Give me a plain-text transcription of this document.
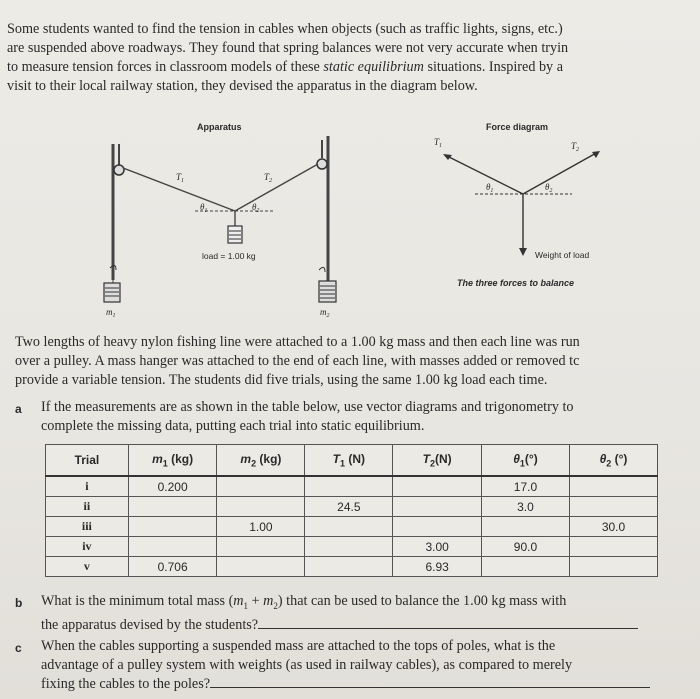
Some students wanted to find the tension in cables when objects (such as traffic lights, signs, etc.)

are suspended above roadways. They found that spring balances were not very accurate when tryin

to measure tension forces in classroom models of these static equilibrium situations. Inspired by a

visit to their local railway station, they devised the apparatus in the diagram below.

Apparatus	Force diagram
load = 1.00 kg
$T_1$	$T_2$
$\theta_1$	$\theta_2$
$m_1$	$m_2$
$T_1$	$T_2$
$\theta_1$	$\theta_2$
Weight of load
The three forces to balance

Two lengths of heavy nylon fishing line were attached to a 1.00 kg mass and then each line was run

over a pulley. A mass hanger was attached to the end of each line, with masses added or removed tc

provide a variable tension. The students did five trials, using the same 1.00 kg load each time.

a	If the measurements are as shown in the table below, use vector diagrams and trigonometry to
complete the missing data, putting each trial into static equilibrium.
Trial	$m_1$ (kg)	$m_2$ (kg)	$T_1$ (N)	$T_2(N)$	$\theta_1(^\circ)$	$\theta_2$ (°)
i	0.200				17.0	
ii			24.5		3.0	
iii		1.00				30.0
iv				3.00	90.0	
v	0.706			6.93		
b	What is the minimum total mass $(m_1 + m_2)$ that can be used to balance the 1.00 kg mass with
the apparatus devised by the students?
c	When the cables supporting a suspended mass are attached to the tops of poles, what is the
advantage of a pulley system with weights (as used in railway cables), as compared to merely
fixing the cables to the poles?
